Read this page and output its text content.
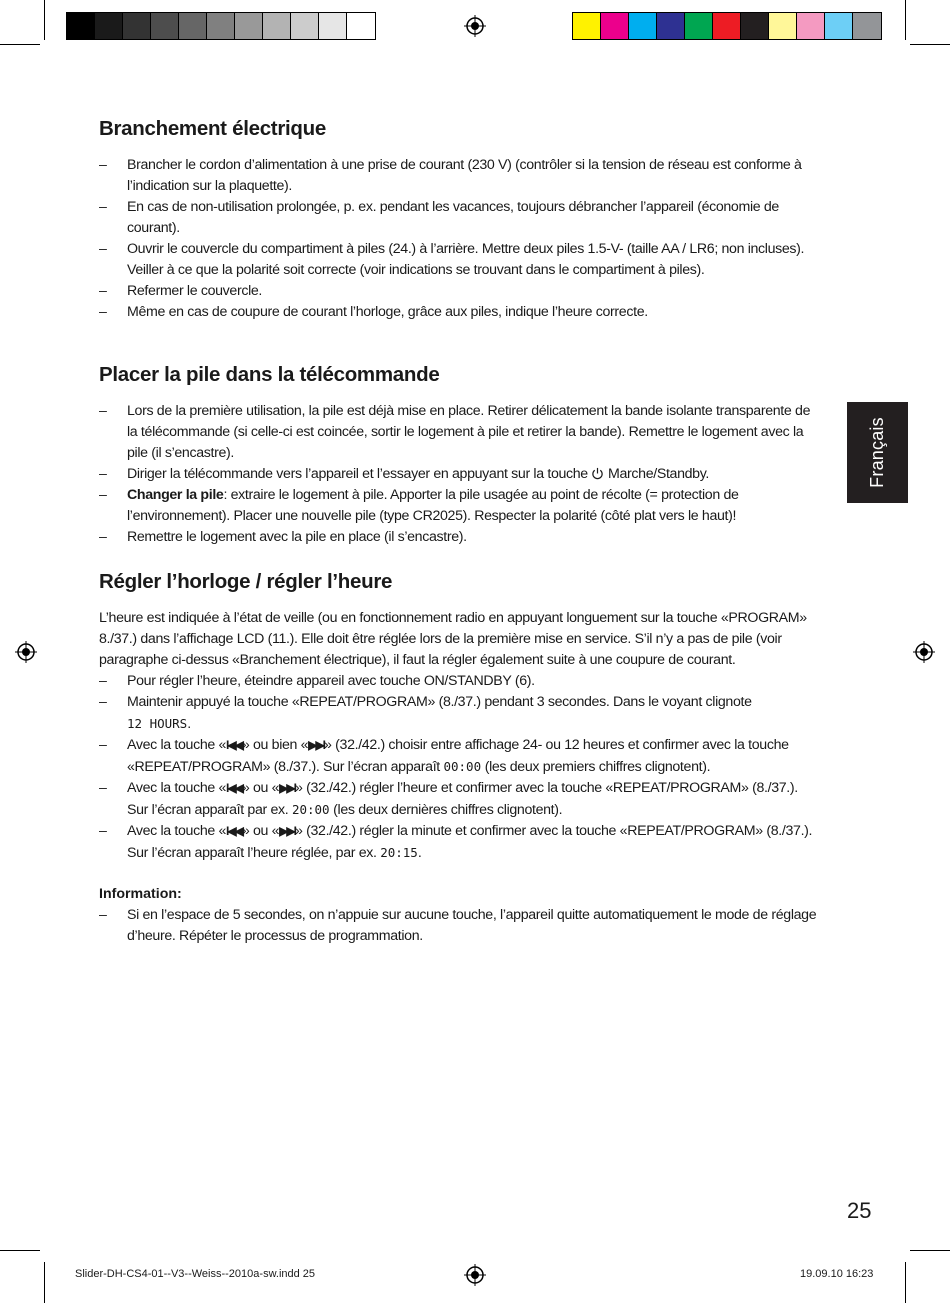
Français
Branchement électrique
– Brancher le cordon d’alimentation à une prise de courant (230 V) (contrôler si la tension de réseau est conforme à l’indication sur la plaquette).
– En cas de non-utilisation prolongée, p. ex. pendant les vacances, toujours débrancher l’appareil (économie de courant).
– Ouvrir le couvercle du compartiment à piles (24.) à l’arrière. Mettre deux piles 1.5-V- (taille AA / LR6; non incluses). Veiller à ce que la polarité soit correcte (voir indications se trouvant dans le compartiment à piles).
– Refermer le couvercle.
– Même en cas de coupure de courant l’horloge, grâce aux piles, indique l’heure correcte.
Placer la pile dans la télécommande
– Lors de la première utilisation, la pile est déjà mise en place. Retirer délicatement la bande isolante transparente de la télécommande (si celle-ci est coincée, sortir le logement à pile et retirer la bande). Remettre le logement avec la pile (il s’encastre).
– Diriger la télécommande vers l’appareil et l’essayer en appuyant sur la touche Marche/Standby.
– Changer la pile: extraire le logement à pile. Apporter la pile usagée au point de récolte (= protection de l’environnement). Placer une nouvelle pile (type CR2025). Respecter la polarité (côté plat vers le haut)!
– Remettre le logement avec la pile en place (il s’encastre).
Régler l’horloge / régler l’heure

L’heure est indiquée à l’état de veille (ou en fonctionnement radio en appuyant longuement sur la touche «PROGRAM» 8./37.) dans l’affichage LCD (11.). Elle doit être réglée lors de la première mise en service. S’il n’y a pas de pile (voir paragraphe ci-dessus «Branchement électrique), il faut la régler également suite à une coupure de courant.

– Pour régler l’heure, éteindre appareil avec touche ON/STANDBY (6).
– Maintenir appuyé la touche «REPEAT/PROGRAM» (8./37.) pendant 3 secondes. Dans le voyant clignote
12 HOURS.
– Avec la touche «I◀◀» ou bien «▶▶I» (32./42.) choisir entre affichage 24- ou 12 heures et confirmer avec la touche «REPEAT/PROGRAM» (8./37.). Sur l’écran apparaît 00:00 (les deux premiers chiffres clignotent).
– Avec la touche «I◀◀» ou «▶▶I» (32./42.) régler l’heure et confirmer avec la touche «REPEAT/PROGRAM» (8./37.). Sur l’écran apparaît par ex. 20:00 (les deux dernières chiffres clignotent).
– Avec la touche «I◀◀» ou «▶▶I» (32./42.) régler la minute et confirmer avec la touche «REPEAT/PROGRAM» (8./37.). Sur l’écran apparaît l’heure réglée, par ex. 20:15.

Information:

– Si en l’espace de 5 secondes, on n’appuie sur aucune touche, l’appareil quitte automatiquement le mode de réglage d’heure. Répéter le processus de programmation.
25
Slider-DH-CS4-01--V3--Weiss--2010a-sw.indd 25	19.09.10 16:23
